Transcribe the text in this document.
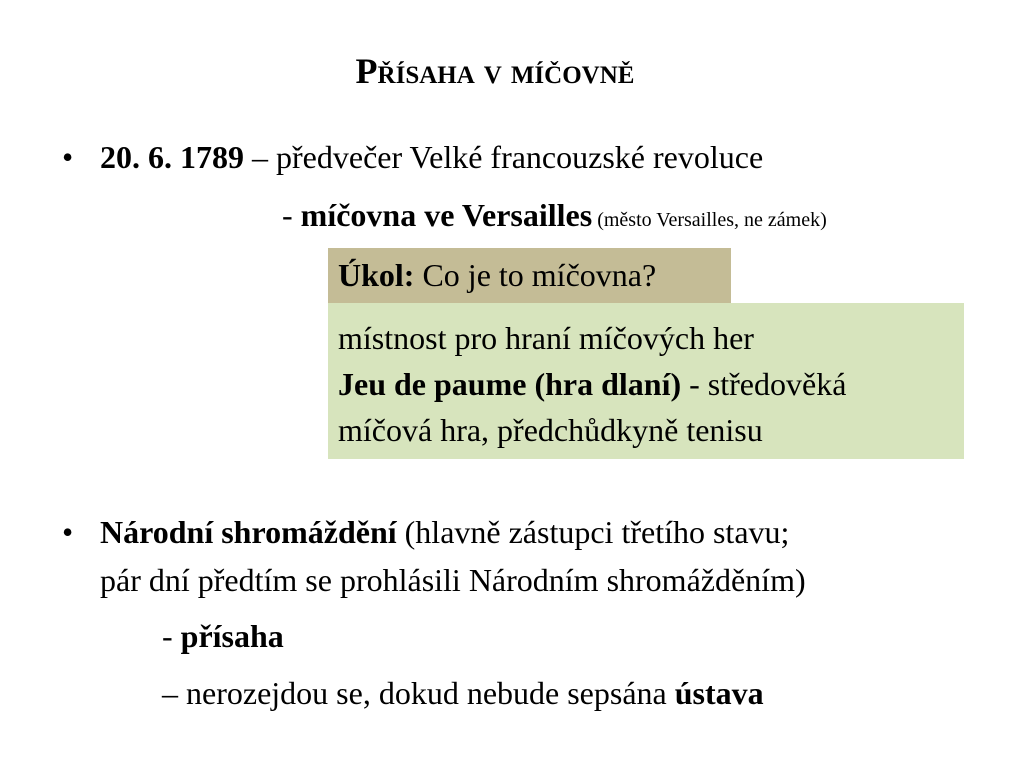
Přísaha v míčovně
• 20. 6. 1789 – předvečer Velké francouzské revoluce
- míčovna ve Versailles (město Versailles, ne zámek)
Úkol: Co je to míčovna?
místnost pro hraní míčových her
Jeu de paume (hra dlaní) - středověká
míčová hra, předchůdkyně tenisu
• Národní shromáždění (hlavně zástupci třetího stavu;
pár dní předtím se prohlásili Národním shromážděním)
- přísaha
– nerozejdou se, dokud nebude sepsána ústava
